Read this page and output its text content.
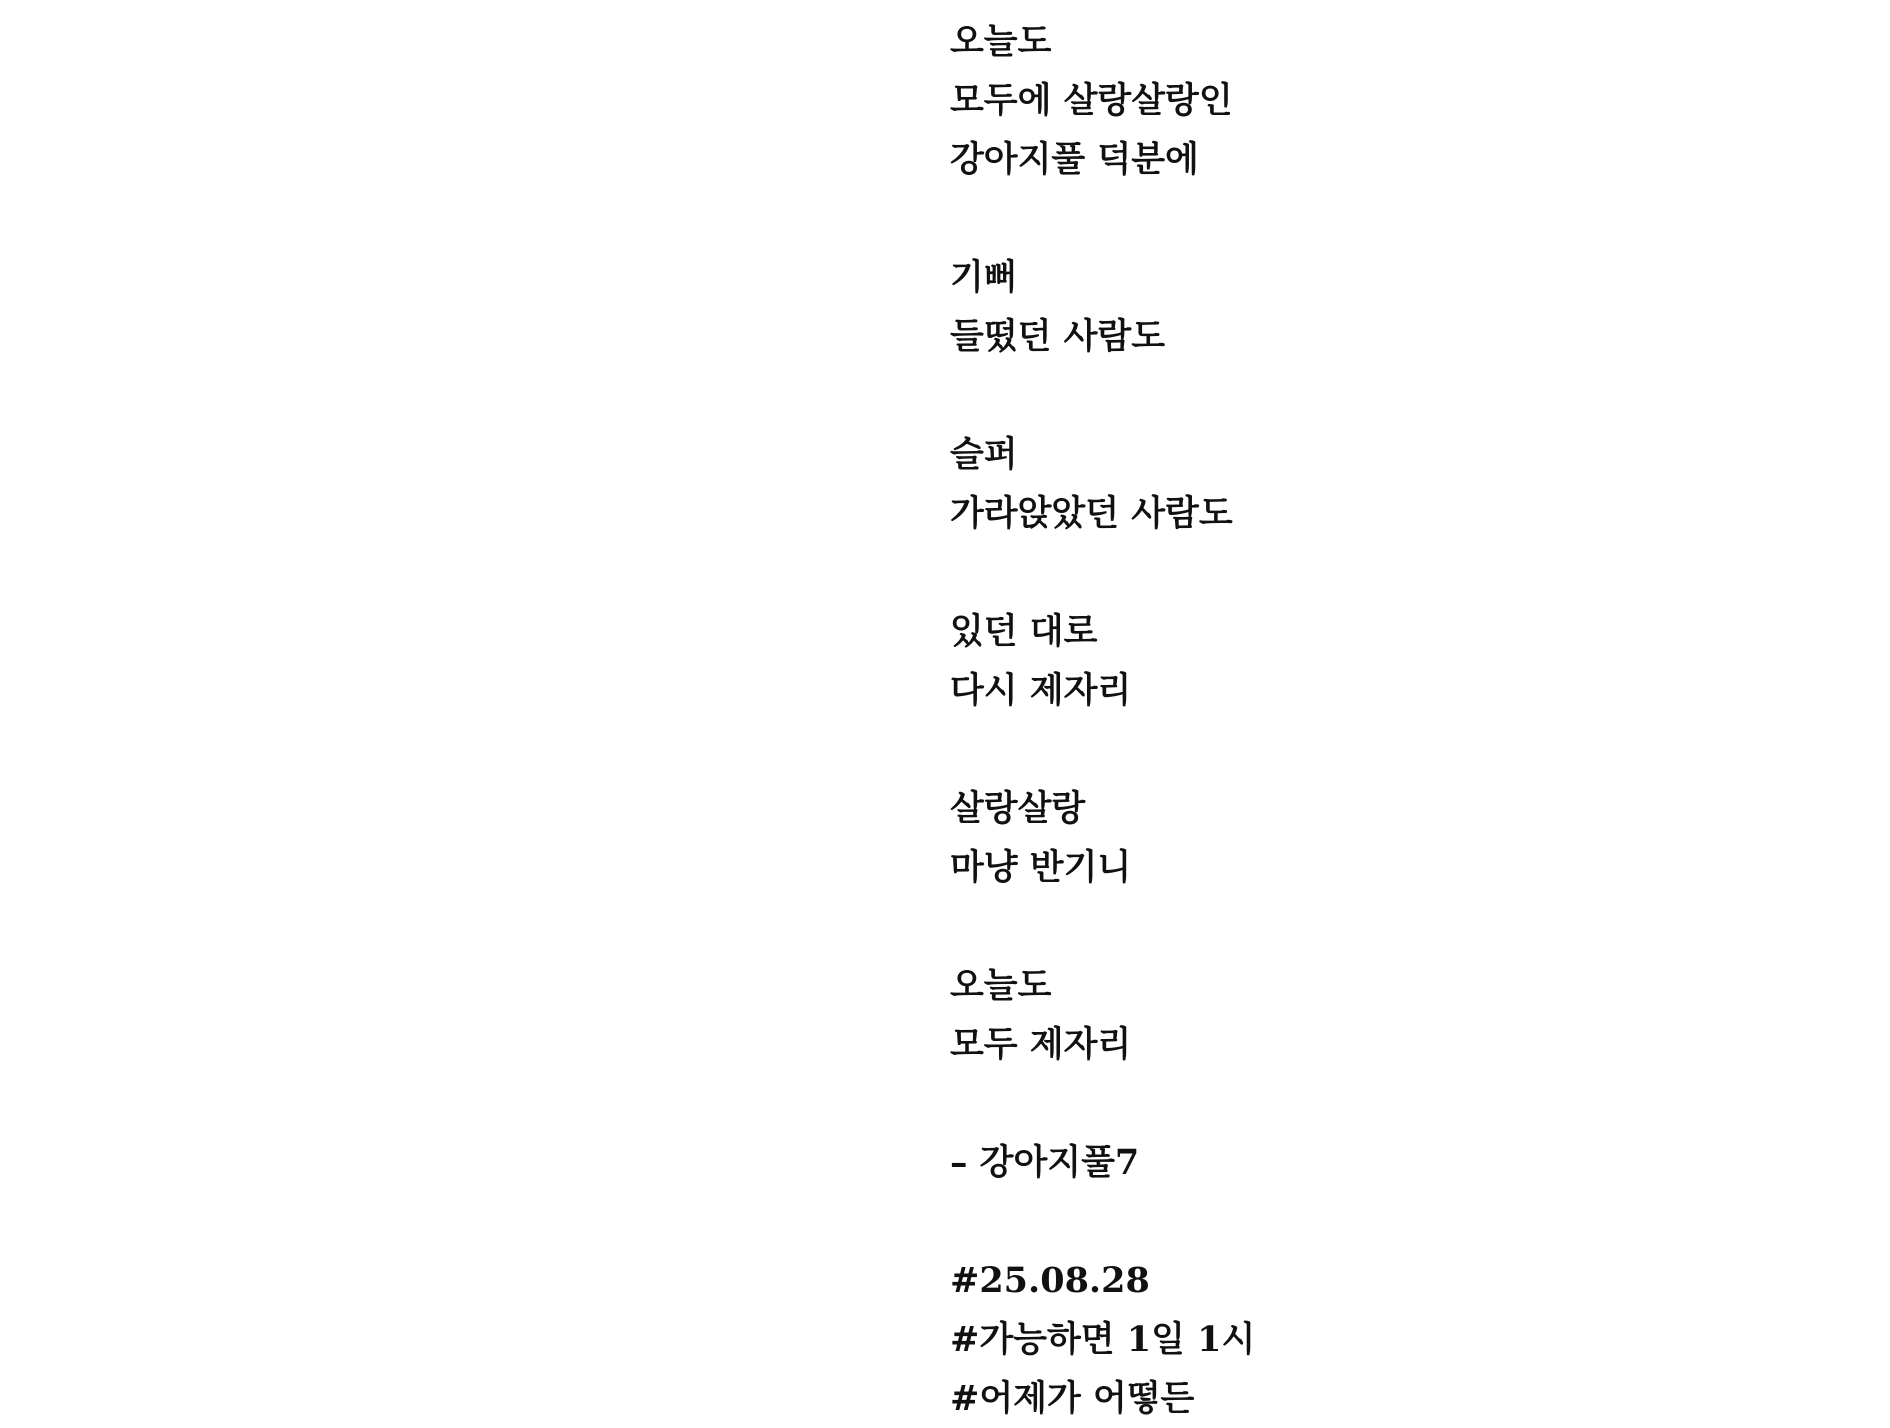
오늘도
모두에 살랑살랑인
강아지풀 덕분에
기뻐
들떴던 사람도
슬퍼
가라앉았던 사람도
있던 대로
다시 제자리
살랑살랑
마냥 반기니
오늘도
모두 제자리
– 강아지풀7
#25.08.28
#가능하면 1일 1시
#어제가 어떻든
